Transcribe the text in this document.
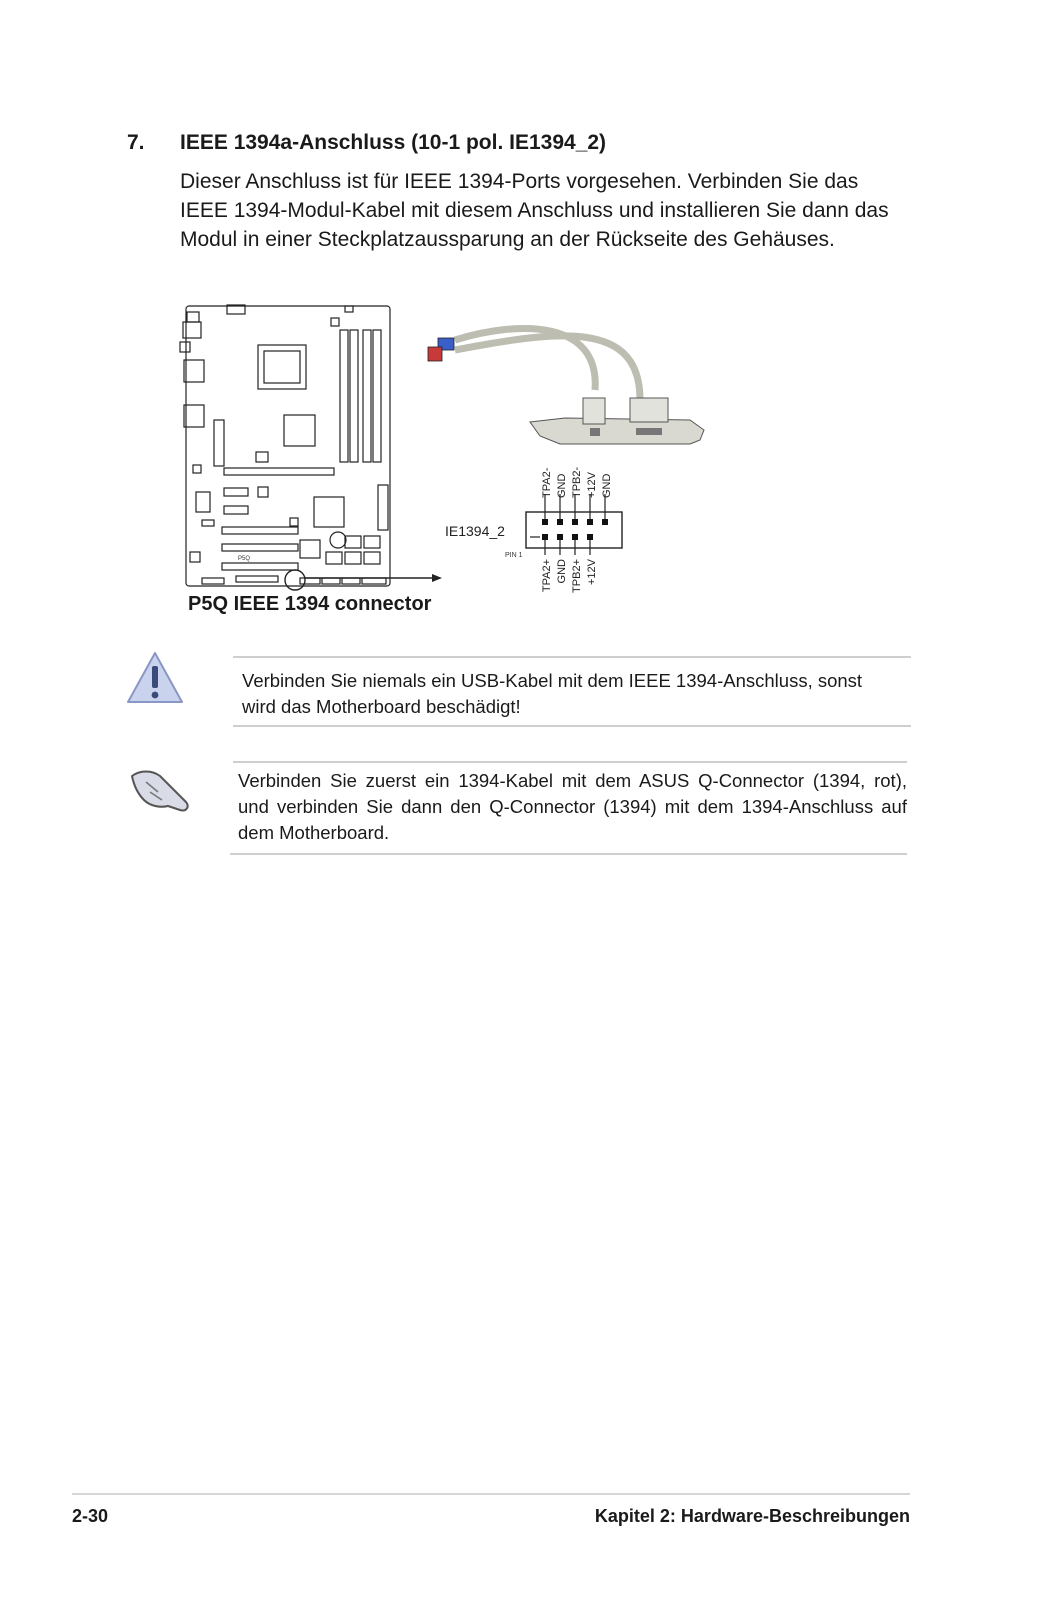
7. IEEE 1394a-Anschluss (10-1 pol. IE1394_2)

Dieser Anschluss ist für IEEE 1394-Ports vorgesehen. Verbinden Sie das

IEEE 1394-Modul-Kabel mit diesem Anschluss und installieren Sie dann das

Modul in einer Steckplatzaussparung an der Rückseite des Gehäuses.

P5Q
IE1394_2
PIN 1
TPA2- GND TPB2- +12V GND
TPA2+ GND TPB2+ +12V
P5Q IEEE 1394 connector

Verbinden Sie niemals ein USB-Kabel mit dem IEEE 1394-Anschluss, sonst

wird das Motherboard beschädigt!

Verbinden Sie zuerst ein 1394-Kabel mit dem ASUS Q-Connector (1394, rot),

und verbinden Sie dann den Q-Connector (1394) mit dem 1394-Anschluss auf

dem Motherboard.

2-30	Kapitel 2: Hardware-Beschreibungen
